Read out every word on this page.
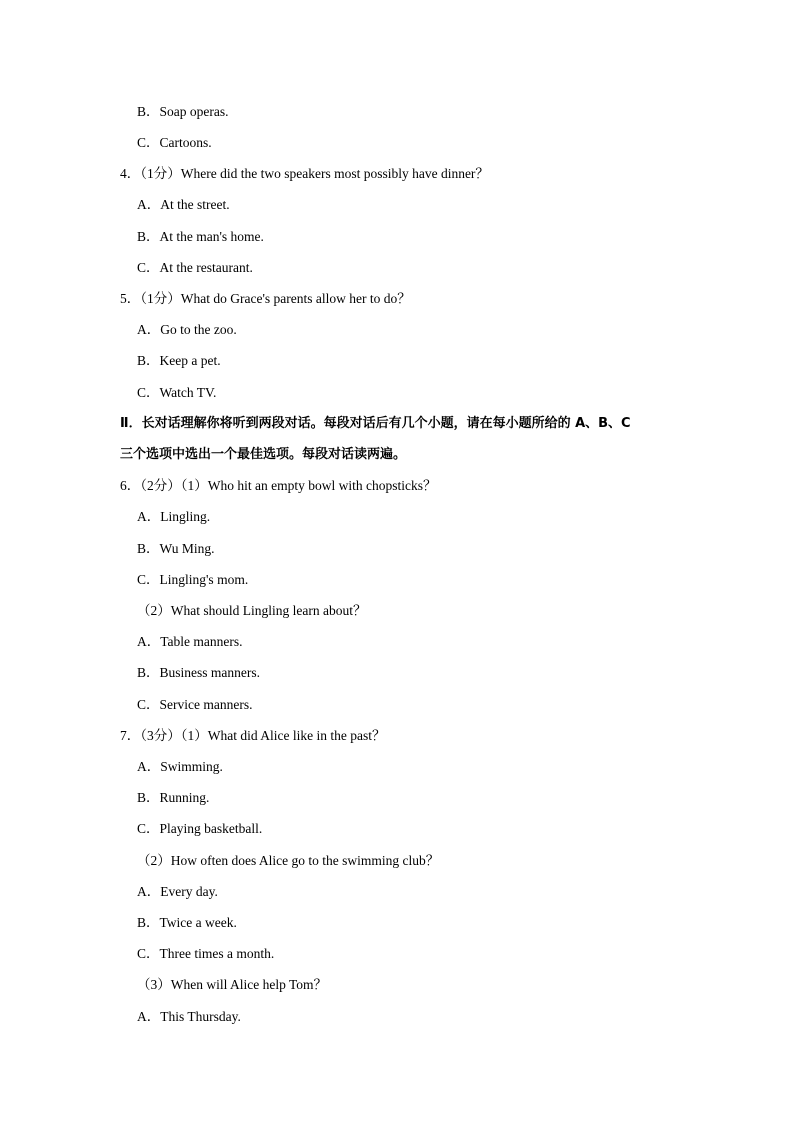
B．Soap operas.
C．Cartoons.
4．（1分）Where did the two speakers most possibly have dinner？
A．At the street.
B．At the man's home.
C．At the restaurant.
5．（1分）What do Grace's parents allow her to do？
A．Go to the zoo.
B．Keep a pet.
C．Watch TV.
Ⅱ．长对话理解你将听到两段对话。每段对话后有几个小题，请在每小题所给的 A、B、C
三个选项中选出一个最佳选项。每段对话读两遍。
6．（2分）（1）Who hit an empty bowl with chopsticks？
A．Lingling.
B．Wu Ming.
C．Lingling's mom.
（2）What should Lingling learn about？
A．Table manners.
B．Business manners.
C．Service manners.
7．（3分）（1）What did Alice like in the past？
A．Swimming.
B．Running.
C．Playing basketball.
（2）How often does Alice go to the swimming club？
A．Every day.
B．Twice a week.
C．Three times a month.
（3）When will Alice help Tom？
A．This Thursday.
